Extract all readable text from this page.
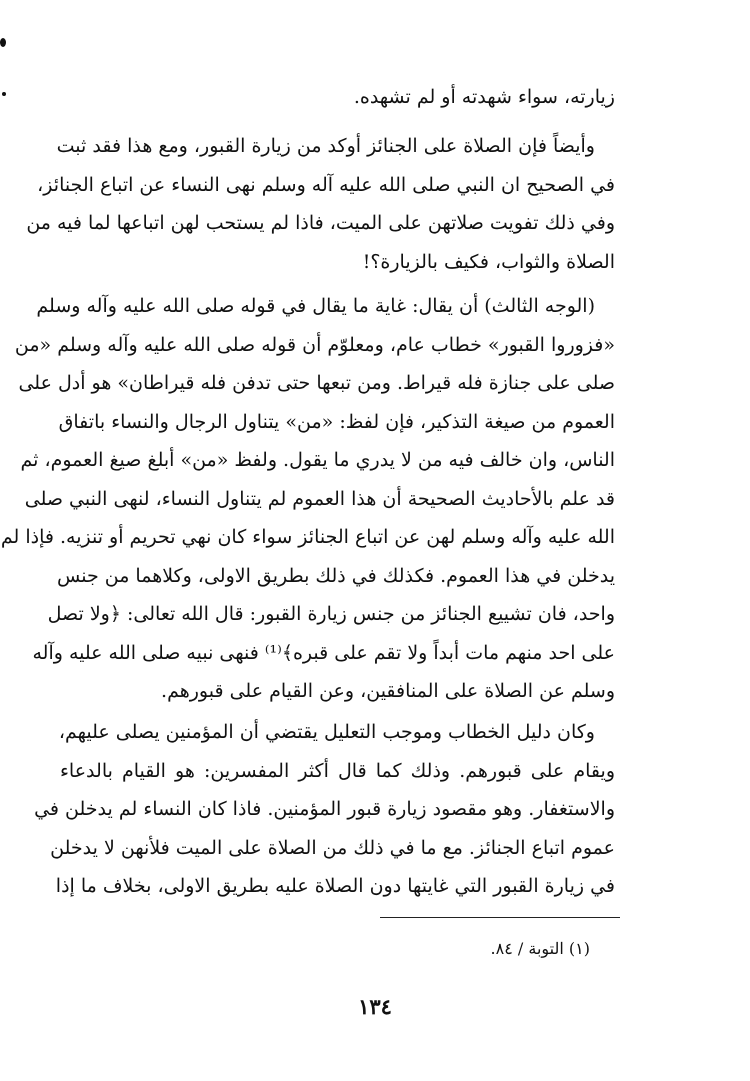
زيارته، سواء شهدته أو لم تشهده.

وأيضاً فإن الصلاة على الجنائز أوكد من زيارة القبور، ومع هذا فقد ثبت
في الصحيح ان النبي صلى الله عليه آله وسلم نهى النساء عن اتباع الجنائز،
وفي ذلك تفويت صلاتهن على الميت، فاذا لم يستحب لهن اتباعها لما فيه من
الصلاة والثواب، فكيف بالزيارة؟!

(الوجه الثالث) أن يقال: غاية ما يقال في قوله صلى الله عليه وآله وسلم
«فزوروا القبور» خطاب عام، ومعلوّم أن قوله صلى الله عليه وآله وسلم «من
صلى على جنازة فله قيراط. ومن تبعها حتى تدفن فله قيراطان» هو أدل على
العموم من صيغة التذكير، فإن لفظ: «من» يتناول الرجال والنساء باتفاق
الناس، وان خالف فيه من لا يدري ما يقول. ولفظ «من» أبلغ صيغ العموم، ثم
قد علم بالأحاديث الصحيحة أن هذا العموم لم يتناول النساء، لنهى النبي صلى
الله عليه وآله وسلم لهن عن اتباع الجنائز سواء كان نهي تحريم أو تنزيه. فإذا لم
يدخلن في هذا العموم. فكذلك في ذلك بطريق الاولى، وكلاهما من جنس
واحد، فان تشييع الجنائز من جنس زيارة القبور: قال الله تعالى: ﴿ولا تصل
على احد منهم مات أبداً ولا تقم على قبره﴾⁽¹⁾ فنهى نبيه صلى الله عليه وآله
وسلم عن الصلاة على المنافقين، وعن القيام على قبورهم.

وكان دليل الخطاب وموجب التعليل يقتضي أن المؤمنين يصلى عليهم،
ويقام على قبورهم. وذلك كما قال أكثر المفسرين: هو القيام بالدعاء
والاستغفار. وهو مقصود زيارة قبور المؤمنين. فاذا كان النساء لم يدخلن في
عموم اتباع الجنائز. مع ما في ذلك من الصلاة على الميت فلأنهن لا يدخلن
في زيارة القبور التي غايتها دون الصلاة عليه بطريق الاولى، بخلاف ما إذا

(١) التوبة / ٨٤.
١٣٤
